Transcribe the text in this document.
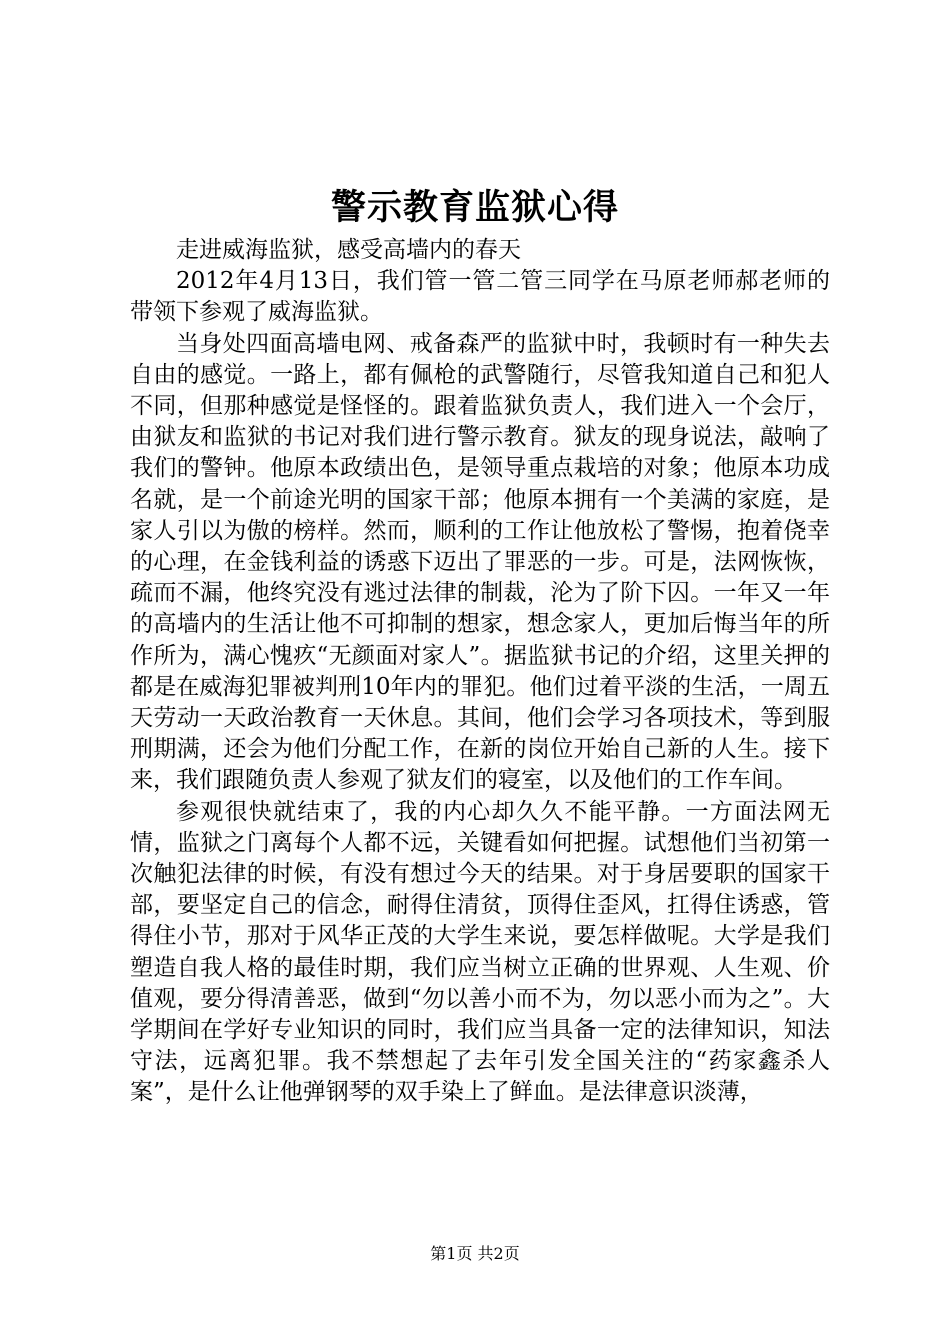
警示教育监狱心得

走进威海监狱，感受高墙内的春天

2012年4月13日，我们管一管二管三同学在马原老师郝老师的带领下参观了威海监狱。

当身处四面高墙电网、戒备森严的监狱中时，我顿时有一种失去自由的感觉。一路上，都有佩枪的武警随行，尽管我知道自己和犯人不同，但那种感觉是怪怪的。跟着监狱负责人，我们进入一个会厅，由狱友和监狱的书记对我们进行警示教育。狱友的现身说法，敲响了我们的警钟。他原本政绩出色，是领导重点栽培的对象；他原本功成名就，是一个前途光明的国家干部；他原本拥有一个美满的家庭，是家人引以为傲的榜样。然而，顺利的工作让他放松了警惕，抱着侥幸的心理，在金钱利益的诱惑下迈出了罪恶的一步。可是，法网恢恢，疏而不漏，他终究没有逃过法律的制裁，沦为了阶下囚。一年又一年的高墙内的生活让他不可抑制的想家，想念家人，更加后悔当年的所作所为，满心愧疚“无颜面对家人”。据监狱书记的介绍，这里关押的都是在威海犯罪被判刑10年内的罪犯。他们过着平淡的生活，一周五天劳动一天政治教育一天休息。其间，他们会学习各项技术，等到服刑期满，还会为他们分配工作，在新的岗位开始自己新的人生。接下来，我们跟随负责人参观了狱友们的寝室，以及他们的工作车间。

参观很快就结束了，我的内心却久久不能平静。一方面法网无情，监狱之门离每个人都不远，关键看如何把握。试想他们当初第一次触犯法律的时候，有没有想过今天的结果。对于身居要职的国家干部，要坚定自己的信念，耐得住清贫，顶得住歪风，扛得住诱惑，管得住小节，那对于风华正茂的大学生来说，要怎样做呢。大学是我们塑造自我人格的最佳时期，我们应当树立正确的世界观、人生观、价值观，要分得清善恶，做到“勿以善小而不为，勿以恶小而为之”。大学期间在学好专业知识的同时，我们应当具备一定的法律知识，知法守法，远离犯罪。我不禁想起了去年引发全国关注的“药家鑫杀人案”，是什么让他弹钢琴的双手染上了鲜血。是法律意识淡薄，

第1页 共2页
